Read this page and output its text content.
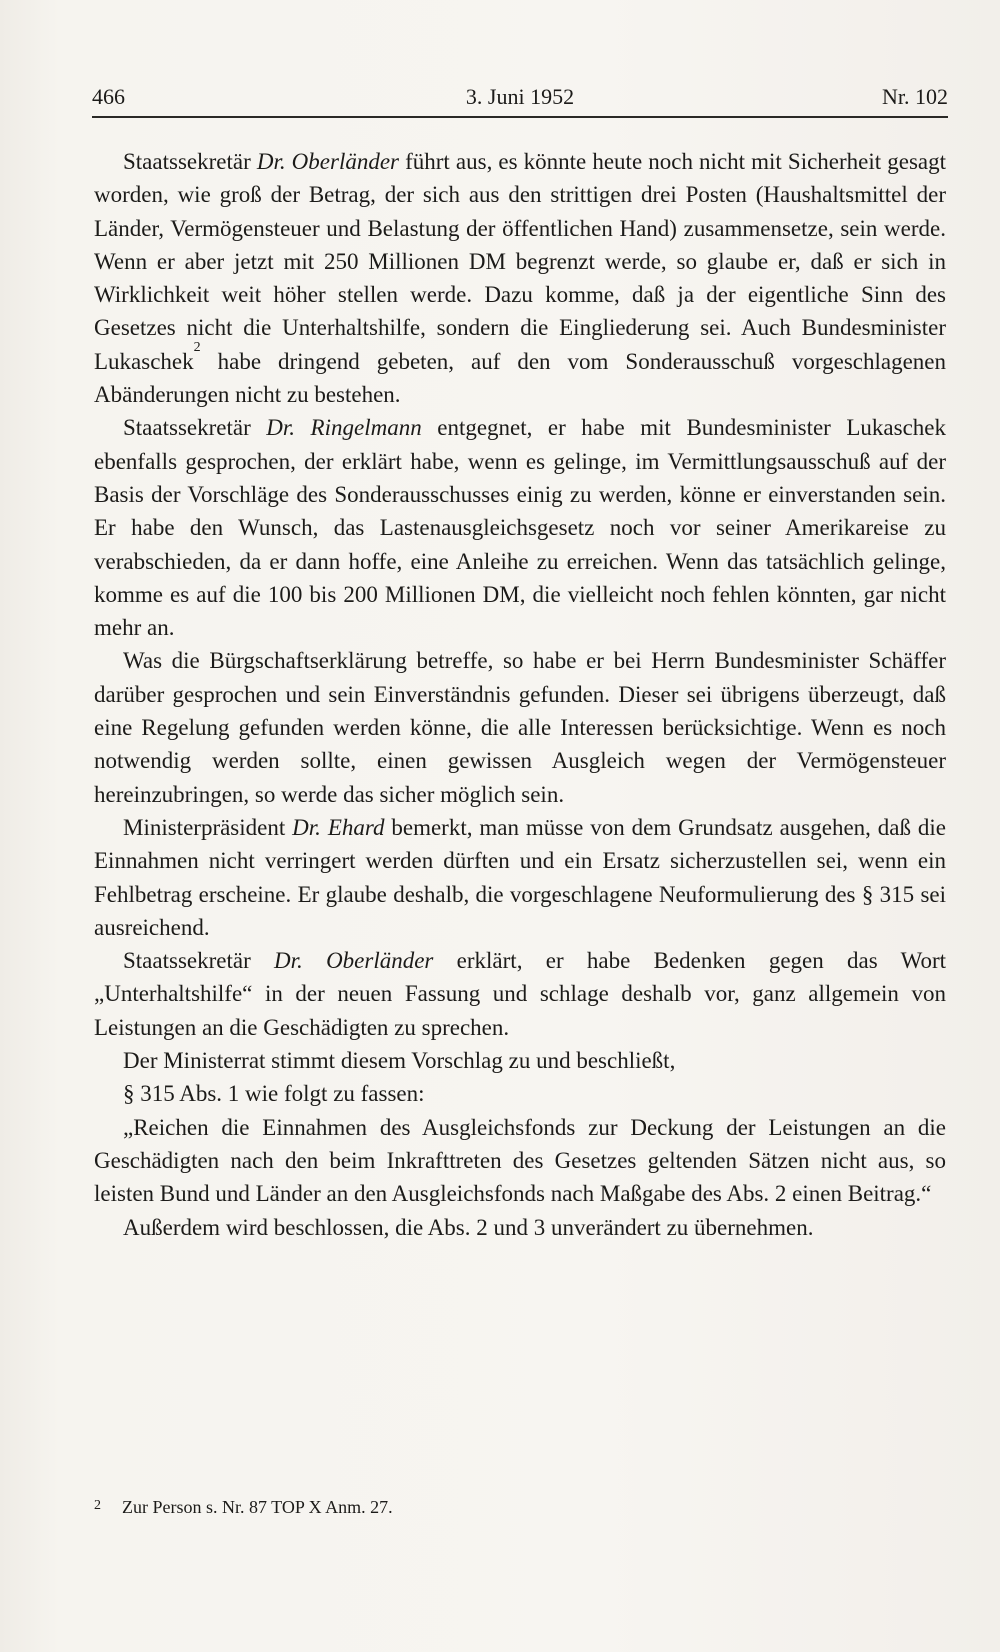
466	3. Juni 1952	Nr. 102

Staatssekretär Dr. Oberländer führt aus, es könnte heute noch nicht mit Sicherheit gesagt worden, wie groß der Betrag, der sich aus den strittigen drei Posten (Haushaltsmittel der Länder, Vermögensteuer und Belastung der öffentlichen Hand) zusammensetze, sein werde. Wenn er aber jetzt mit 250 Millionen DM begrenzt werde, so glaube er, daß er sich in Wirklichkeit weit höher stellen werde. Dazu komme, daß ja der eigentliche Sinn des Gesetzes nicht die Unterhaltshilfe, sondern die Eingliederung sei. Auch Bundesminister Lukaschek$^2$ habe dringend gebeten, auf den vom Sonderausschuß vorgeschlagenen Abänderungen nicht zu bestehen.

Staatssekretär Dr. Ringelmann entgegnet, er habe mit Bundesminister Lukaschek ebenfalls gesprochen, der erklärt habe, wenn es gelinge, im Vermittlungsausschuß auf der Basis der Vorschläge des Sonderausschusses einig zu werden, könne er einverstanden sein. Er habe den Wunsch, das Lastenausgleichsgesetz noch vor seiner Amerikareise zu verabschieden, da er dann hoffe, eine Anleihe zu erreichen. Wenn das tatsächlich gelinge, komme es auf die 100 bis 200 Millionen DM, die vielleicht noch fehlen könnten, gar nicht mehr an.

Was die Bürgschaftserklärung betreffe, so habe er bei Herrn Bundesminister Schäffer darüber gesprochen und sein Einverständnis gefunden. Dieser sei übrigens überzeugt, daß eine Regelung gefunden werden könne, die alle Interessen berücksichtige. Wenn es noch notwendig werden sollte, einen gewissen Ausgleich wegen der Vermögensteuer hereinzubringen, so werde das sicher möglich sein.

Ministerpräsident Dr. Ehard bemerkt, man müsse von dem Grundsatz ausgehen, daß die Einnahmen nicht verringert werden dürften und ein Ersatz sicherzustellen sei, wenn ein Fehlbetrag erscheine. Er glaube deshalb, die vorgeschlagene Neuformulierung des § 315 sei ausreichend.

Staatssekretär Dr. Oberländer erklärt, er habe Bedenken gegen das Wort „Unterhaltshilfe“ in der neuen Fassung und schlage deshalb vor, ganz allgemein von Leistungen an die Geschädigten zu sprechen.

Der Ministerrat stimmt diesem Vorschlag zu und beschließt,

§ 315 Abs. 1 wie folgt zu fassen:

„Reichen die Einnahmen des Ausgleichsfonds zur Deckung der Leistungen an die Geschädigten nach den beim Inkrafttreten des Gesetzes geltenden Sätzen nicht aus, so leisten Bund und Länder an den Ausgleichsfonds nach Maßgabe des Abs. 2 einen Beitrag.“

Außerdem wird beschlossen, die Abs. 2 und 3 unverändert zu übernehmen.

2 Zur Person s. Nr. 87 TOP X Anm. 27.
